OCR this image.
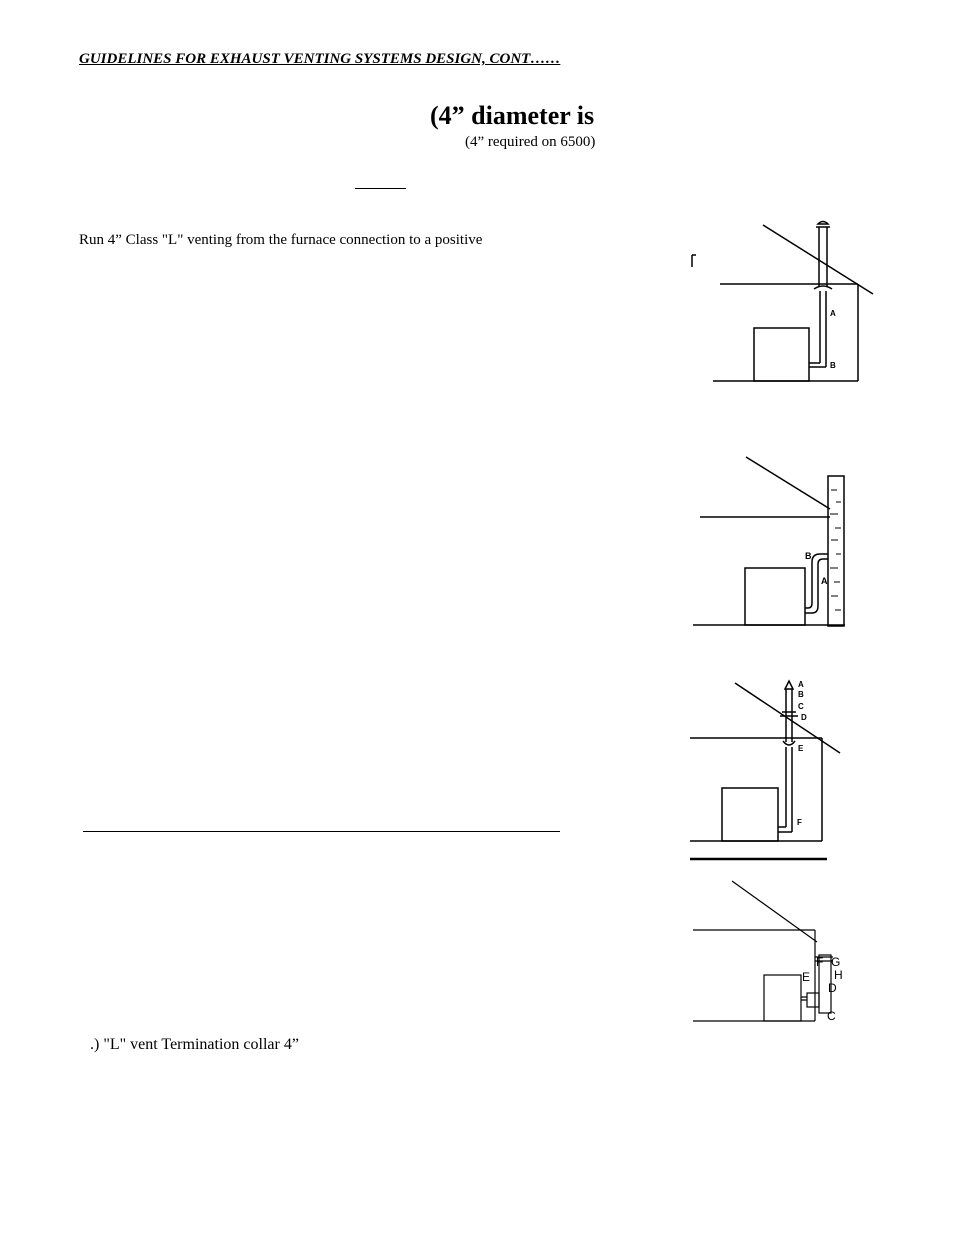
GUIDELINES FOR EXHAUST VENTING SYSTEMS DESIGN, CONT……
(4” diameter is
(4” required on 6500)
Run 4” Class "L" venting from the furnace connection to a positive
.) "L" vent Termination collar 4”
A
B
B
A
A
B
C
D
E
F
F G
E H
D
C
